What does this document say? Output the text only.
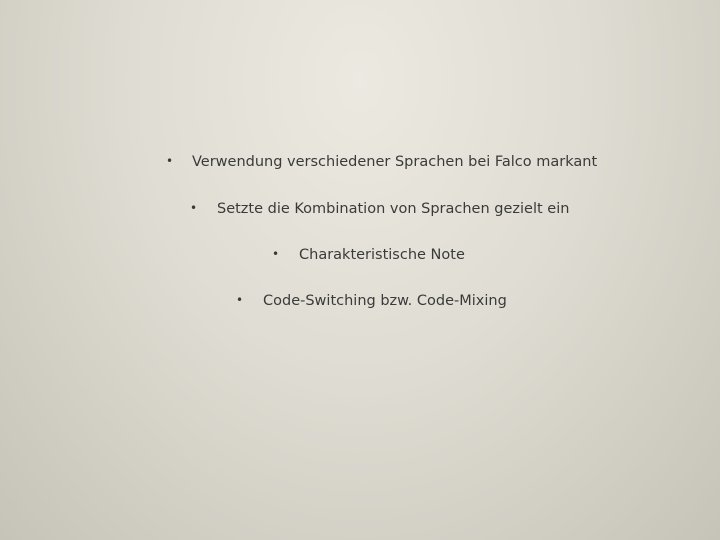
• Verwendung verschiedener Sprachen bei Falco markant
• Setzte die Kombination von Sprachen gezielt ein
• Charakteristische Note
• Code-Switching bzw. Code-Mixing
